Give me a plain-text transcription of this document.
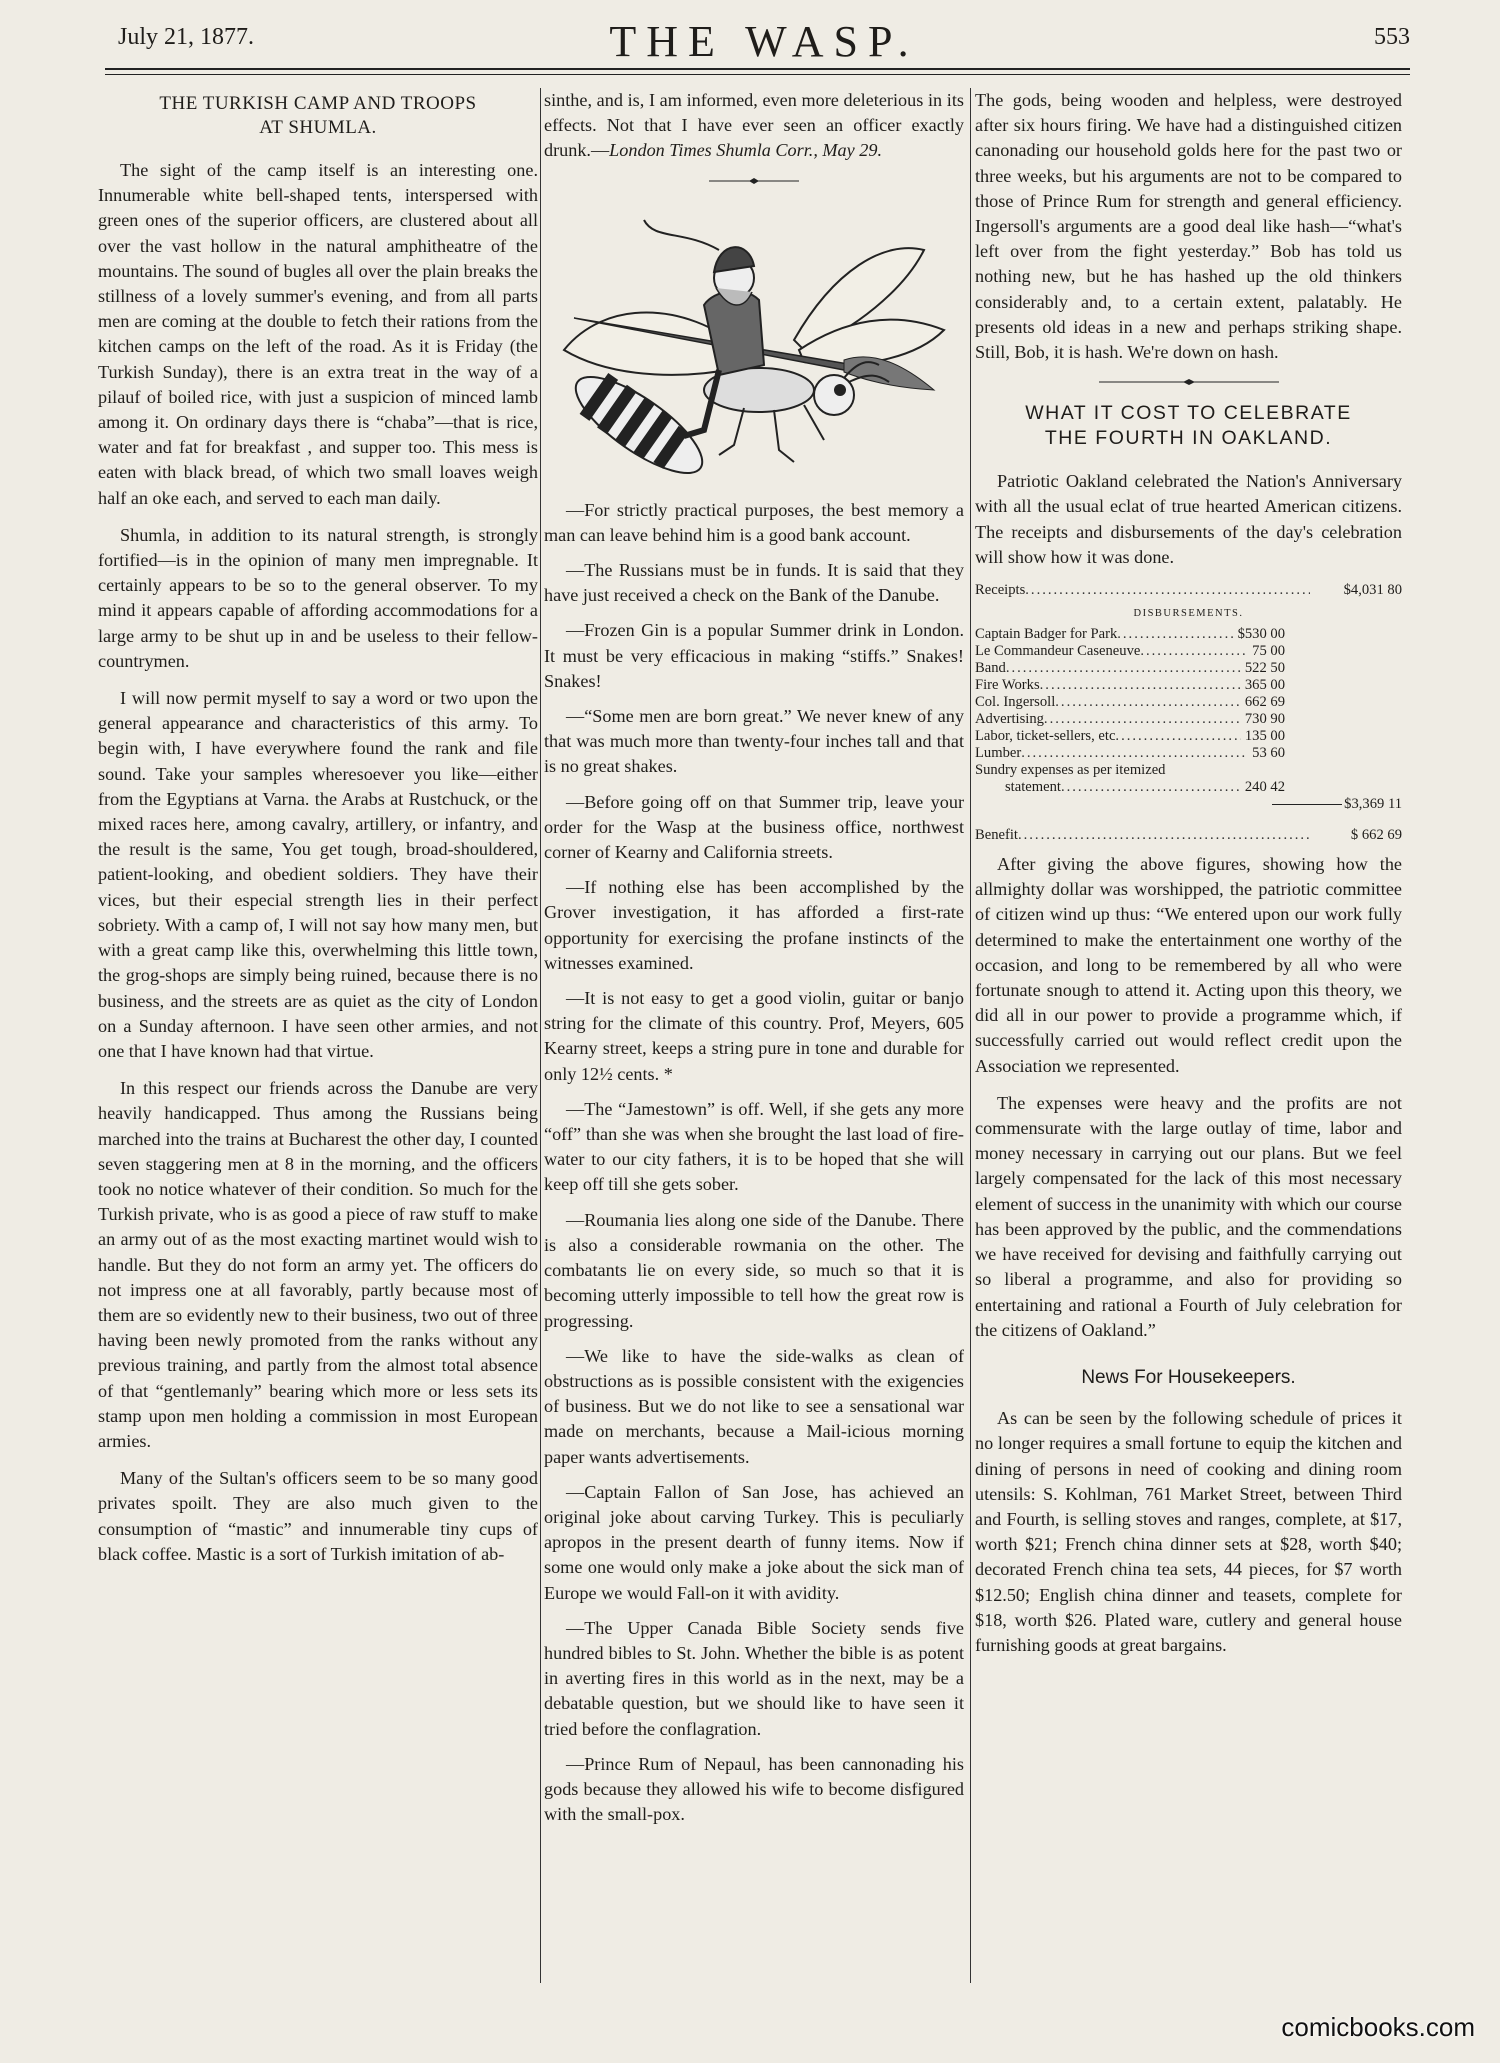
July 21, 1877.	THE WASP.	553
THE TURKISH CAMP AND TROOPS
AT SHUMLA.

The sight of the camp itself is an interesting one. Innumerable white bell-shaped tents, interspersed with green ones of the superior officers, are clustered about all over the vast hollow in the natural amphitheatre of the mountains. The sound of bugles all over the plain breaks the stillness of a lovely summer's evening, and from all parts men are coming at the double to fetch their rations from the kitchen camps on the left of the road. As it is Friday (the Turkish Sunday), there is an extra treat in the way of a pilauf of boiled rice, with just a suspicion of minced lamb among it. On ordinary days there is “chaba”—that is rice, water and fat for breakfast , and supper too. This mess is eaten with black bread, of which two small loaves weigh half an oke each, and served to each man daily.

Shumla, in addition to its natural strength, is strongly fortified—is in the opinion of many men impregnable. It certainly appears to be so to the general observer. To my mind it appears capable of affording accommodations for a large army to be shut up in and be useless to their fellow-countrymen.

I will now permit myself to say a word or two upon the general appearance and characteristics of this army. To begin with, I have everywhere found the rank and file sound. Take your samples wheresoever you like—either from the Egyptians at Varna. the Arabs at Rustchuck, or the mixed races here, among cavalry, artillery, or infantry, and the result is the same, You get tough, broad-shouldered, patient-looking, and obedient soldiers. They have their vices, but their especial strength lies in their perfect sobriety. With a camp of, I will not say how many men, but with a great camp like this, overwhelming this little town, the grog-shops are simply being ruined, because there is no business, and the streets are as quiet as the city of London on a Sunday afternoon. I have seen other armies, and not one that I have known had that virtue.

In this respect our friends across the Danube are very heavily handicapped. Thus among the Russians being marched into the trains at Bucharest the other day, I counted seven staggering men at 8 in the morning, and the officers took no notice whatever of their condition. So much for the Turkish private, who is as good a piece of raw stuff to make an army out of as the most exacting martinet would wish to handle. But they do not form an army yet. The officers do not impress one at all favorably, partly because most of them are so evidently new to their business, two out of three having been newly promoted from the ranks without any previous training, and partly from the almost total absence of that “gentlemanly” bearing which more or less sets its stamp upon men holding a commission in most European armies.

Many of the Sultan's officers seem to be so many good privates spoilt. They are also much given to the consumption of “mastic” and innumerable tiny cups of black coffee. Mastic is a sort of Turkish imitation of ab-

sinthe, and is, I am informed, even more deleterious in its effects. Not that I have ever seen an officer exactly drunk.—London Times Shumla Corr., May 29.

—For strictly practical purposes, the best memory a man can leave behind him is a good bank account.

—The Russians must be in funds. It is said that they have just received a check on the Bank of the Danube.

—Frozen Gin is a popular Summer drink in London. It must be very efficacious in making “stiffs.” Snakes! Snakes!

—“Some men are born great.” We never knew of any that was much more than twenty-four inches tall and that is no great shakes.

—Before going off on that Summer trip, leave your order for the Wasp at the business office, northwest corner of Kearny and California streets.

—If nothing else has been accomplished by the Grover investigation, it has afforded a first-rate opportunity for exercising the profane instincts of the witnesses examined.

—It is not easy to get a good violin, guitar or banjo string for the climate of this country. Prof, Meyers, 605 Kearny street, keeps a string pure in tone and durable for only 12½ cents. *

—The “Jamestown” is off. Well, if she gets any more “off” than she was when she brought the last load of fire-water to our city fathers, it is to be hoped that she will keep off till she gets sober.

—Roumania lies along one side of the Danube. There is also a considerable rowmania on the other. The combatants lie on every side, so much so that it is becoming utterly impossible to tell how the great row is progressing.

—We like to have the side-walks as clean of obstructions as is possible consistent with the exigencies of business. But we do not like to see a sensational war made on merchants, because a Mail-icious morning paper wants advertisements.

—Captain Fallon of San Jose, has achieved an original joke about carving Turkey. This is peculiarly apropos in the present dearth of funny items. Now if some one would only make a joke about the sick man of Europe we would Fall-on it with avidity.

—The Upper Canada Bible Society sends five hundred bibles to St. John. Whether the bible is as potent in averting fires in this world as in the next, may be a debatable question, but we should like to have seen it tried before the conflagration.

—Prince Rum of Nepaul, has been cannonading his gods because they allowed his wife to become disfigured with the small-pox.

The gods, being wooden and helpless, were destroyed after six hours firing. We have had a distinguished citizen canonading our household golds here for the past two or three weeks, but his arguments are not to be compared to those of Prince Rum for strength and general efficiency. Ingersoll's arguments are a good deal like hash—“what's left over from the fight yesterday.” Bob has told us nothing new, but he has hashed up the old thinkers considerably and, to a certain extent, palatably. He presents old ideas in a new and perhaps striking shape. Still, Bob, it is hash. We're down on hash.

WHAT IT COST TO CELEBRATE
THE FOURTH IN OAKLAND.

Patriotic Oakland celebrated the Nation's Anniversary with all the usual eclat of true hearted American citizens. The receipts and disbursements of the day's celebration will show how it was done.

Receipts .....	$4,031 80
DISBURSEMENTS.
Captain Badger for Park .....	$530 00
Le Commandeur Caseneuve .....	75 00
Band .....	522 50
Fire Works .....	365 00
Col. Ingersoll .....	662 69
Advertising .....	730 90
Labor, ticket-sellers, etc .....	135 00
Lumber .....	53 60
Sundry expenses as per itemized
statement .....	240 42
$3,369 11
Benefit .....	$ 662 69

After giving the above figures, showing how the allmighty dollar was worshipped, the patriotic committee of citizen wind up thus: “We entered upon our work fully determined to make the entertainment one worthy of the occasion, and long to be remembered by all who were fortunate snough to attend it. Acting upon this theory, we did all in our power to provide a programme which, if successfully carried out would reflect credit upon the Association we represented.

The expenses were heavy and the profits are not commensurate with the large outlay of time, labor and money necessary in carrying out our plans. But we feel largely compensated for the lack of this most necessary element of success in the unanimity with which our course has been approved by the public, and the commendations we have received for devising and faithfully carrying out so liberal a programme, and also for providing so entertaining and rational a Fourth of July celebration for the citizens of Oakland.”

News For Housekeepers.

As can be seen by the following schedule of prices it no longer requires a small fortune to equip the kitchen and dining of persons in need of cooking and dining room utensils: S. Kohlman, 761 Market Street, between Third and Fourth, is selling stoves and ranges, complete, at $17, worth $21; French china dinner sets at $28, worth $40; decorated French china tea sets, 44 pieces, for $7 worth $12.50; English china dinner and teasets, complete for $18, worth $26. Plated ware, cutlery and general house furnishing goods at great bargains.

comicbooks.com
